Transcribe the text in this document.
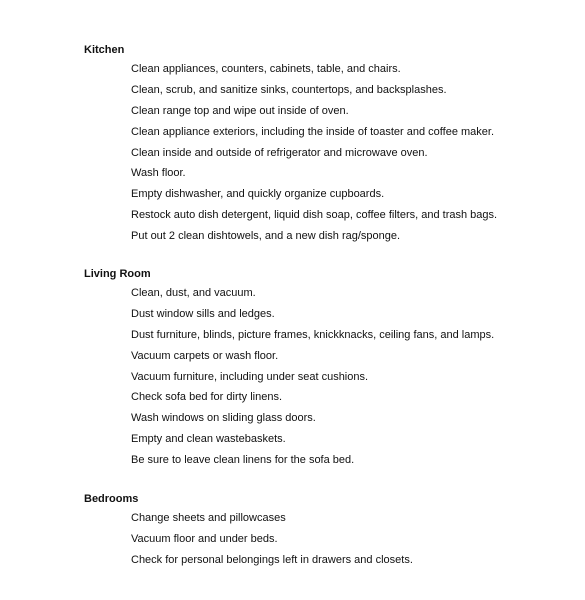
Kitchen
Clean appliances, counters, cabinets, table, and chairs.
Clean, scrub, and sanitize sinks, countertops, and backsplashes.
Clean range top and wipe out inside of oven.
Clean appliance exteriors, including the inside of toaster and coffee maker.
Clean inside and outside of refrigerator and microwave oven.
Wash floor.
Empty dishwasher, and quickly organize cupboards.
Restock auto dish detergent, liquid dish soap, coffee filters, and trash bags.
Put out 2 clean dishtowels, and a new dish rag/sponge.
Living Room
Clean, dust, and vacuum.
Dust window sills and ledges.
Dust furniture, blinds, picture frames, knickknacks, ceiling fans, and lamps.
Vacuum carpets or wash floor.
Vacuum furniture, including under seat cushions.
Check sofa bed for dirty linens.
Wash windows on sliding glass doors.
Empty and clean wastebaskets.
Be sure to leave clean linens for the sofa bed.
Bedrooms
Change sheets and pillowcases
Vacuum floor and under beds.
Check for personal belongings left in drawers and closets.
